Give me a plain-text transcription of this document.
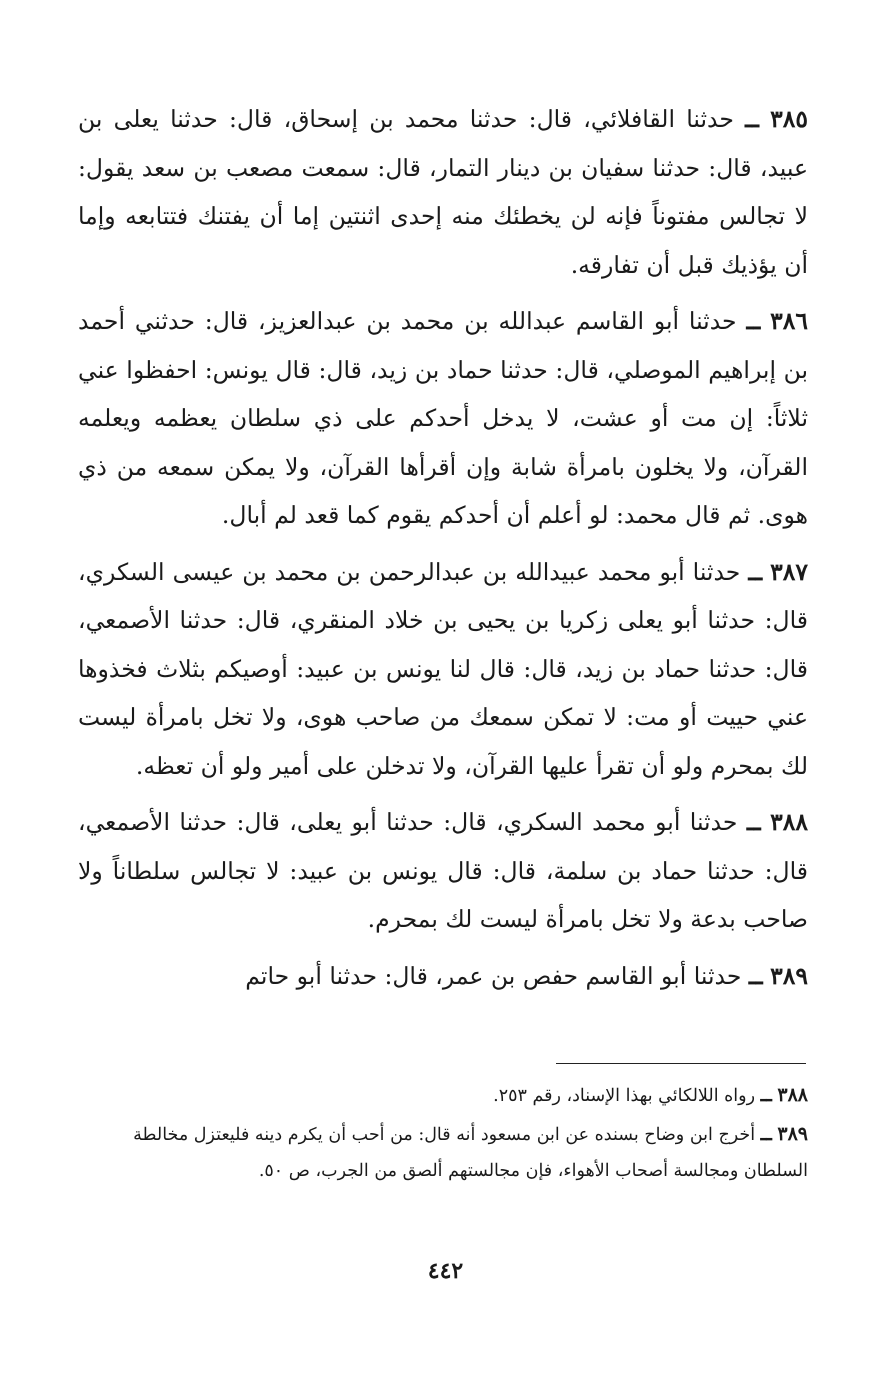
٣٨٥ ــ حدثنا القافلائي، قال: حدثنا محمد بن إسحاق، قال: حدثنا يعلى بن عبيد، قال: حدثنا سفيان بن دينار التمار، قال: سمعت مصعب بن سعد يقول: لا تجالس مفتوناً فإنه لن يخطئك منه إحدى اثنتين إما أن يفتنك فتتابعه وإما أن يؤذيك قبل أن تفارقه.

٣٨٦ ــ حدثنا أبو القاسم عبدالله بن محمد بن عبدالعزيز، قال: حدثني أحمد بن إبراهيم الموصلي، قال: حدثنا حماد بن زيد، قال: قال يونس: احفظوا عني ثلاثاً: إن مت أو عشت، لا يدخل أحدكم على ذي سلطان يعظمه ويعلمه القرآن، ولا يخلون بامرأة شابة وإن أقرأها القرآن، ولا يمكن سمعه من ذي هوى. ثم قال محمد: لو أعلم أن أحدكم يقوم كما قعد لم أبال.

٣٨٧ ــ حدثنا أبو محمد عبيدالله بن عبدالرحمن بن محمد بن عيسى السكري، قال: حدثنا أبو يعلى زكريا بن يحيى بن خلاد المنقري، قال: حدثنا الأصمعي، قال: حدثنا حماد بن زيد، قال: قال لنا يونس بن عبيد: أوصيكم بثلاث فخذوها عني حييت أو مت: لا تمكن سمعك من صاحب هوى، ولا تخل بامرأة ليست لك بمحرم ولو أن تقرأ عليها القرآن، ولا تدخلن على أمير ولو أن تعظه.

٣٨٨ ــ حدثنا أبو محمد السكري، قال: حدثنا أبو يعلى، قال: حدثنا الأصمعي، قال: حدثنا حماد بن سلمة، قال: قال يونس بن عبيد: لا تجالس سلطاناً ولا صاحب بدعة ولا تخل بامرأة ليست لك بمحرم.

٣٨٩ ــ حدثنا أبو القاسم حفص بن عمر، قال: حدثنا أبو حاتم

٣٨٨ ــ رواه اللالكائي بهذا الإسناد، رقم ٢٥٣.

٣٨٩ ــ أخرج ابن وضاح بسنده عن ابن مسعود أنه قال: من أحب أن يكرم دينه فليعتزل مخالطة السلطان ومجالسة أصحاب الأهواء، فإن مجالستهم ألصق من الجرب، ص ٥٠.

٤٤٢
